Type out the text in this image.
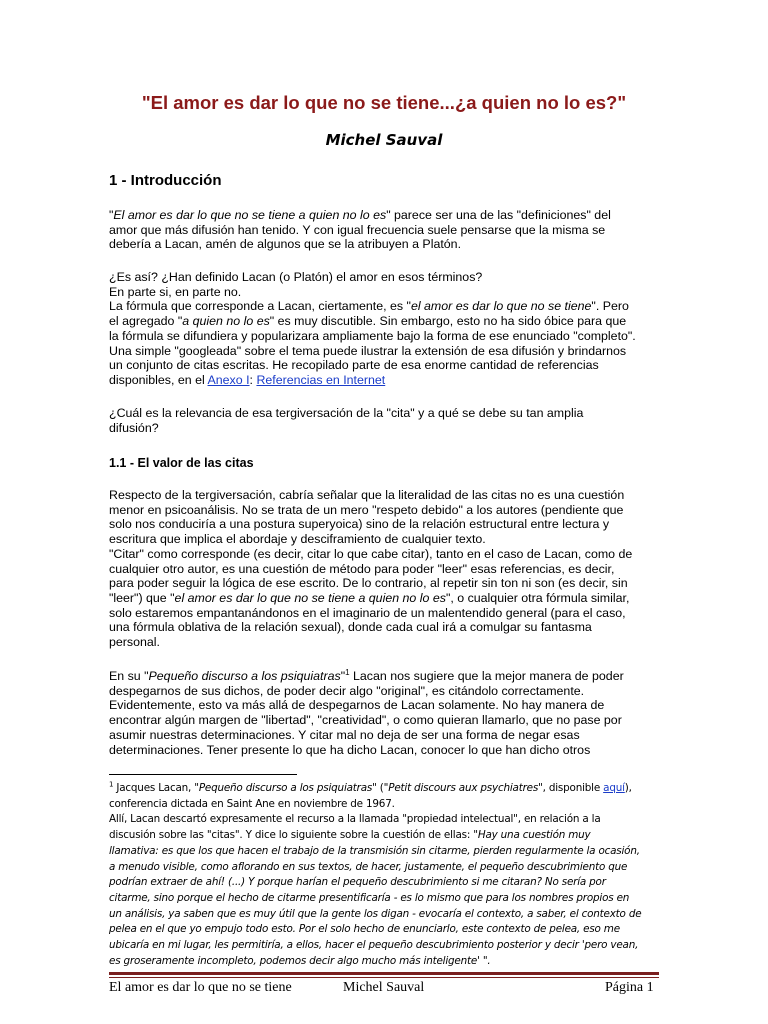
"El amor es dar lo que no se tiene...¿a quien no lo es?"
Michel Sauval
1 - Introducción
"El amor es dar lo que no se tiene a quien no lo es" parece ser una de las "definiciones" del
amor que más difusión han tenido. Y con igual frecuencia suele pensarse que la misma se
debería a Lacan, amén de algunos que se la atribuyen a Platón.
¿Es así? ¿Han definido Lacan (o Platón) el amor en esos términos?
En parte si, en parte no.
La fórmula que corresponde a Lacan, ciertamente, es "el amor es dar lo que no se tiene". Pero
el agregado "a quien no lo es" es muy discutible. Sin embargo, esto no ha sido óbice para que
la fórmula se difundiera y popularizara ampliamente bajo la forma de ese enunciado "completo".
Una simple "googleada" sobre el tema puede ilustrar la extensión de esa difusión y brindarnos
un conjunto de citas escritas. He recopilado parte de esa enorme cantidad de referencias
disponibles, en el Anexo I: Referencias en Internet
¿Cuál es la relevancia de esa tergiversación de la "cita" y a qué se debe su tan amplia
difusión?
1.1 - El valor de las citas
Respecto de la tergiversación, cabría señalar que la literalidad de las citas no es una cuestión
menor en psicoanálisis. No se trata de un mero "respeto debido" a los autores (pendiente que
solo nos conduciría a una postura superyoica) sino de la relación estructural entre lectura y
escritura que implica el abordaje y desciframiento de cualquier texto.
"Citar" como corresponde (es decir, citar lo que cabe citar), tanto en el caso de Lacan, como de
cualquier otro autor, es una cuestión de método para poder "leer" esas referencias, es decir,
para poder seguir la lógica de ese escrito. De lo contrario, al repetir sin ton ni son (es decir, sin
"leer") que "el amor es dar lo que no se tiene a quien no lo es", o cualquier otra fórmula similar,
solo estaremos empantanándonos en el imaginario de un malentendido general (para el caso,
una fórmula oblativa de la relación sexual), donde cada cual irá a comulgar su fantasma
personal.
En su "Pequeño discurso a los psiquiatras"$^1$ Lacan nos sugiere que la mejor manera de poder
despegarnos de sus dichos, de poder decir algo "original", es citándolo correctamente.
Evidentemente, esto va más allá de despegarnos de Lacan solamente. No hay manera de
encontrar algún margen de "libertad", "creatividad", o como quieran llamarlo, que no pase por
asumir nuestras determinaciones. Y citar mal no deja de ser una forma de negar esas
determinaciones. Tener presente lo que ha dicho Lacan, conocer lo que han dicho otros
$^1$ Jacques Lacan, "Pequeño discurso a los psiquiatras" ("Petit discours aux psychiatres", disponible aquí),
conferencia dictada en Saint Ane en noviembre de 1967.
Allí, Lacan descartó expresamente el recurso a la llamada "propiedad intelectual", en relación a la
discusión sobre las "citas". Y dice lo siguiente sobre la cuestión de ellas: "Hay una cuestión muy
llamativa: es que los que hacen el trabajo de la transmisión sin citarme, pierden regularmente la ocasión,
a menudo visible, como aflorando en sus textos, de hacer, justamente, el pequeño descubrimiento que
podrían extraer de ahí! (...) Y porque harían el pequeño descubrimiento si me citaran? No sería por
citarme, sino porque el hecho de citarme presentificaría - es lo mismo que para los nombres propios en
un análisis, ya saben que es muy útil que la gente los digan - evocaría el contexto, a saber, el contexto de
pelea en el que yo empujo todo esto. Por el solo hecho de enunciarlo, este contexto de pelea, eso me
ubicaría en mi lugar, les permitiría, a ellos, hacer el pequeño descubrimiento posterior y decir 'pero vean,
es groseramente incompleto, podemos decir algo mucho más inteligente' ".
El amor es dar lo que no se tiene	Michel Sauval	Página 1
